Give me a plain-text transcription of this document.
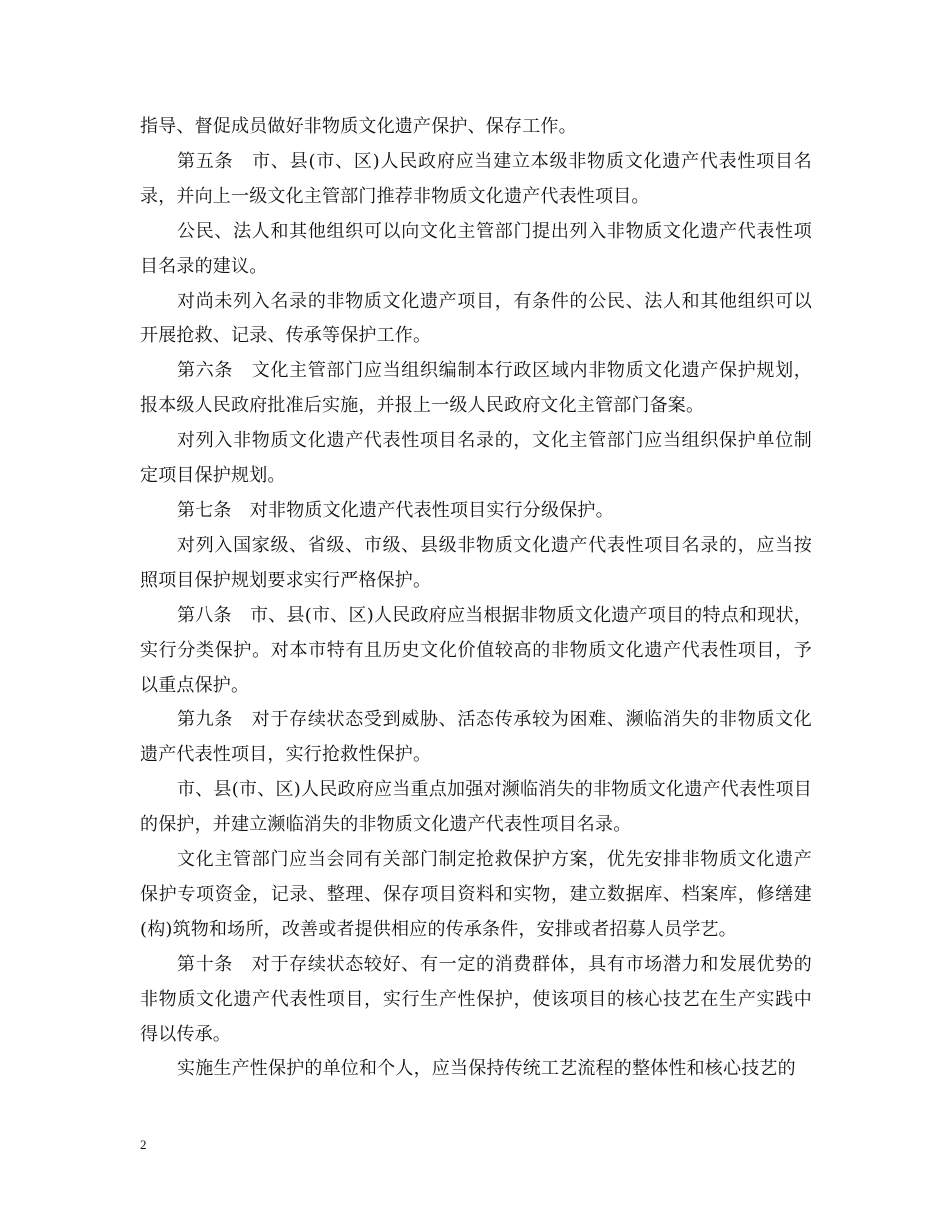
指导、督促成员做好非物质文化遗产保护、保存工作。

第五条　市、县(市、区)人民政府应当建立本级非物质文化遗产代表性项目名录，并向上一级文化主管部门推荐非物质文化遗产代表性项目。

公民、法人和其他组织可以向文化主管部门提出列入非物质文化遗产代表性项目名录的建议。

对尚未列入名录的非物质文化遗产项目，有条件的公民、法人和其他组织可以开展抢救、记录、传承等保护工作。

第六条　文化主管部门应当组织编制本行政区域内非物质文化遗产保护规划，报本级人民政府批准后实施，并报上一级人民政府文化主管部门备案。

对列入非物质文化遗产代表性项目名录的，文化主管部门应当组织保护单位制定项目保护规划。

第七条　对非物质文化遗产代表性项目实行分级保护。

对列入国家级、省级、市级、县级非物质文化遗产代表性项目名录的，应当按照项目保护规划要求实行严格保护。

第八条　市、县(市、区)人民政府应当根据非物质文化遗产项目的特点和现状，实行分类保护。对本市特有且历史文化价值较高的非物质文化遗产代表性项目，予以重点保护。

第九条　对于存续状态受到威胁、活态传承较为困难、濒临消失的非物质文化遗产代表性项目，实行抢救性保护。

市、县(市、区)人民政府应当重点加强对濒临消失的非物质文化遗产代表性项目的保护，并建立濒临消失的非物质文化遗产代表性项目名录。

文化主管部门应当会同有关部门制定抢救保护方案，优先安排非物质文化遗产保护专项资金，记录、整理、保存项目资料和实物，建立数据库、档案库，修缮建(构)筑物和场所，改善或者提供相应的传承条件，安排或者招募人员学艺。

第十条　对于存续状态较好、有一定的消费群体，具有市场潜力和发展优势的非物质文化遗产代表性项目，实行生产性保护，使该项目的核心技艺在生产实践中得以传承。

实施生产性保护的单位和个人，应当保持传统工艺流程的整体性和核心技艺的

2
